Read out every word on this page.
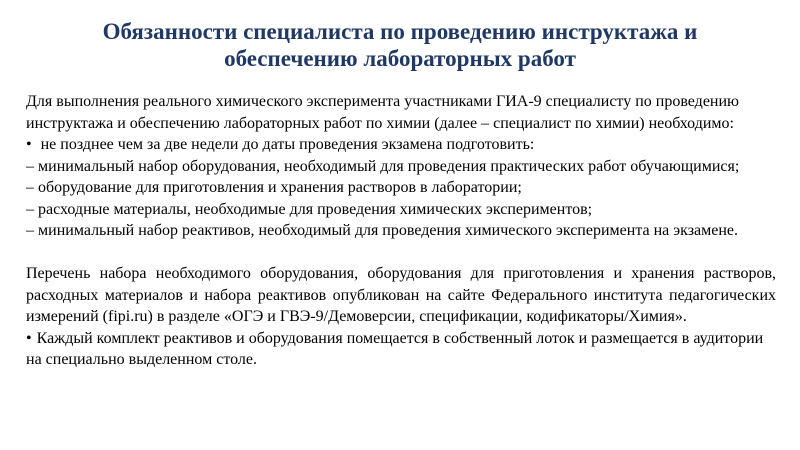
Обязанности специалиста по проведению инструктажа и обеспечению лабораторных работ

Для выполнения реального химического эксперимента участниками ГИА-9 специалисту по проведению инструктажа и обеспечению лабораторных работ по химии (далее – специалист по химии) необходимо:

• не позднее чем за две недели до даты проведения экзамена подготовить:

– минимальный набор оборудования, необходимый для проведения практических работ обучающимися;

– оборудование для приготовления и хранения растворов в лаборатории;

– расходные материалы, необходимые для проведения химических экспериментов;

– минимальный набор реактивов, необходимый для проведения химического эксперимента на экзамене.

Перечень набора необходимого оборудования, оборудования для приготовления и хранения растворов, расходных материалов и набора реактивов опубликован на сайте Федерального института педагогических измерений (fipi.ru) в разделе «ОГЭ и ГВЭ-9/Демоверсии, спецификации, кодификаторы/Химия».

• Каждый комплект реактивов и оборудования помещается в собственный лоток и размещается в аудитории на специально выделенном столе.
